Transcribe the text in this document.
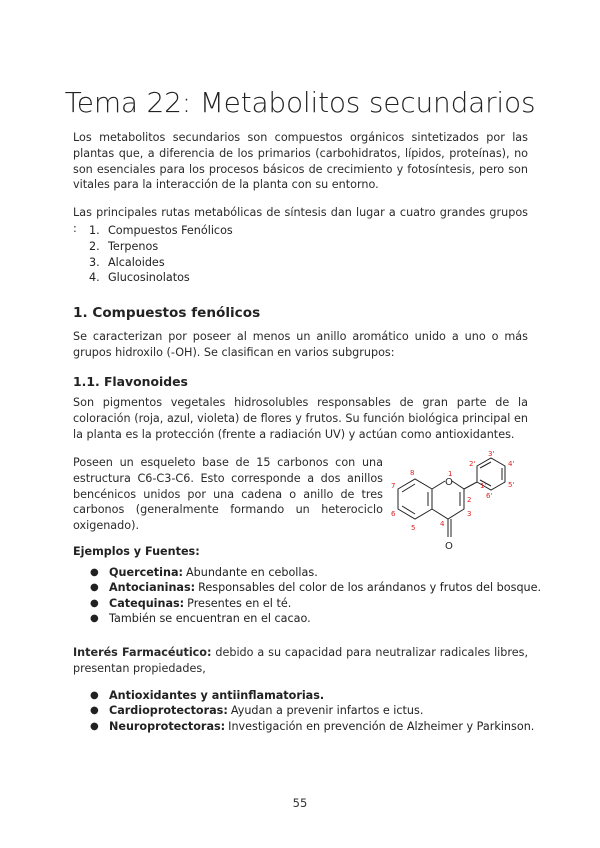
Tema 22: Metabolitos secundarios

Los metabolitos secundarios son compuestos orgánicos sintetizados por las plantas que, a diferencia de los primarios (carbohidratos, lípidos, proteínas), no son esenciales para los procesos básicos de crecimiento y fotosíntesis, pero son vitales para la interacción de la planta con su entorno.

Las principales rutas metabólicas de síntesis dan lugar a cuatro grandes grupos :	1. Compuestos Fenólicos
2. Terpenos
3. Alcaloides
4. Glucosinolatos
1. Compuestos fenólicos

Se caracterizan por poseer al menos un anillo aromático unido a uno o más grupos hidroxilo (-OH). Se clasifican en varios subgrupos:

1.1. Flavonoides

Son pigmentos vegetales hidrosolubles responsables de gran parte de la coloración (roja, azul, violeta) de flores y frutos. Su función biológica principal en la planta es la protección (frente a radiación UV) y actúan como antioxidantes.

Poseen un esqueleto base de 15 carbonos con una estructura C6-C3-C6. Esto corresponde a dos anillos bencénicos unidos por una cadena o anillo de tres carbonos (generalmente formando un heterociclo oxigenado).

O
O
1
2
3
4
5
6
7
8
1'
2'
3'
4'
5'
6'
Ejemplos y Fuentes:
● Quercetina: Abundante en cebollas.
● Antocianinas: Responsables del color de los arándanos y frutos del bosque.
● Catequinas: Presentes en el té.
● También se encuentran en el cacao.

Interés Farmacéutico: debido a su capacidad para neutralizar radicales libres, presentan propiedades,

● Antioxidantes y antiinflamatorias.
● Cardioprotectoras: Ayudan a prevenir infartos e ictus.
● Neuroprotectoras: Investigación en prevención de Alzheimer y Parkinson.
55
